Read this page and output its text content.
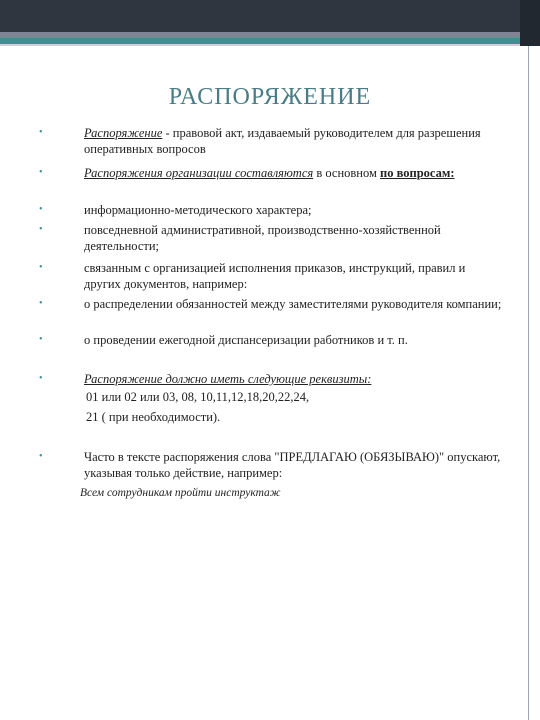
РАСПОРЯЖЕНИЕ
•	Распоряжение - правовой акт, издаваемый руководителем для разрешения оперативных вопросов
•	Распоряжения организации составляются в основном по вопросам:
•	информационно-методического характера;
•	повседневной административной, производственно-хозяйственной деятельности;
•	связанным с организацией исполнения приказов, инструкций, правил и других документов, например:
•	о распределении обязанностей между заместителями руководителя компании;
•	о проведении ежегодной диспансеризации работников и т. п.
•	Распоряжение должно иметь следующие реквизиты:
01 или 02 или 03, 08, 10,11,12,18,20,22,24,
21 ( при необходимости).
•	Часто в тексте распоряжения слова "ПРЕДЛАГАЮ (ОБЯЗЫВАЮ)" опускают, указывая только действие, например:
Всем сотрудникам пройти инструктаж
